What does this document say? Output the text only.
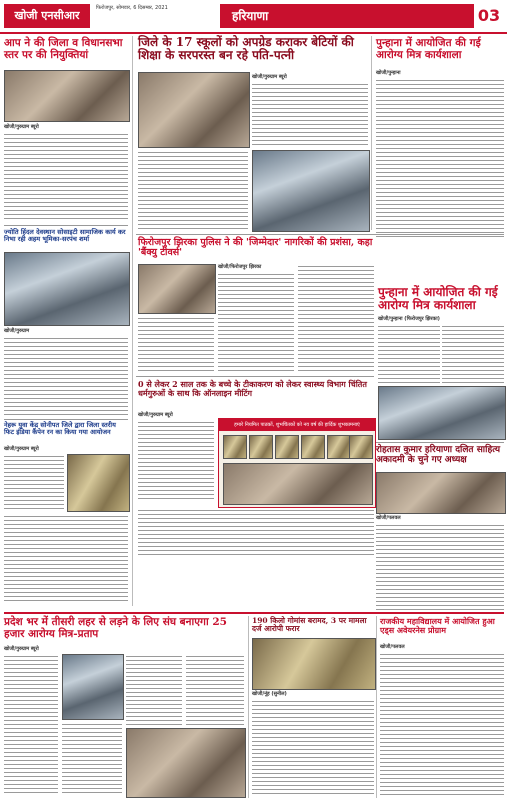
खोजी एनसीआर
फिरोजपुर, सोमवार, 6 दिसम्बर, 2021
हरियाणा	03
आप ने की जिला व विधानसभा स्तर पर की नियुक्तियां
खोजी/गुरुग्राम ब्यूरो
ज्योति हिंदल देवस्थान सोसाइटी सामाजिक कार्य कर निभा रही अहम भूमिका-सरपंच शर्मा
खोजी/गुरुग्राम
नेहरू युवा केंद्र सोनीपत जिले द्वारा जिला स्तरीय फिट इंडिया कैंपेन रन का किया गया आयोजन
खोजी/गुरुग्राम ब्यूरो
जिले के 17 स्कूलों को अपग्रेड कराकर बेटियों की शिक्षा के सरपरस्त बन रहे पति-पत्नी
खोजी/गुरुग्राम ब्यूरो
पुन्हाना में आयोजित की गई आरोग्य मित्र कार्यशाला
खोजी/पुन्हाना
फिरोजपुर झिरका पुलिस ने की 'जिम्मेदार' नागरिकों की प्रशंसा, कहा 'बैंक्यु टीवर्स'
खोजी/फिरोजपुर झिरका
पुन्हाना में आयोजित की गई आरोग्य मित्र कार्यशाला
खोजी/पुन्हाना (फिरोजपुर झिरका)
0 से लेकर 2 साल तक के बच्चे के टीकाकरण को लेकर स्वास्थ्य विभाग चिंतित धर्मगुरुओं के साथ कि ऑनलाइन मीटिंग
खोजी/गुरुग्राम ब्यूरो
हमारे नियमित पाठकों, शुभचिंतकों को नव वर्ष की हार्दिक शुभकामनाएं
रोहतास कुमार हरियाणा दलित साहित्य अकादमी के चुने गए अध्यक्ष
खोजी/पलवल
प्रदेश भर में तीसरी लहर से लड़ने के लिए संघ बनाएगा 25 हजार आरोग्य मित्र-प्रताप
खोजी/गुरुग्राम ब्यूरो
190 किलो गोमांस बरामद, 3 पर मामला दर्ज आरोपी फरार
खोजी/नूंह (सुनील)
राजकीय महाविद्यालय में आयोजित हुआ एड्स अवेयरनेस प्रोग्राम
खोजी/पलवल
